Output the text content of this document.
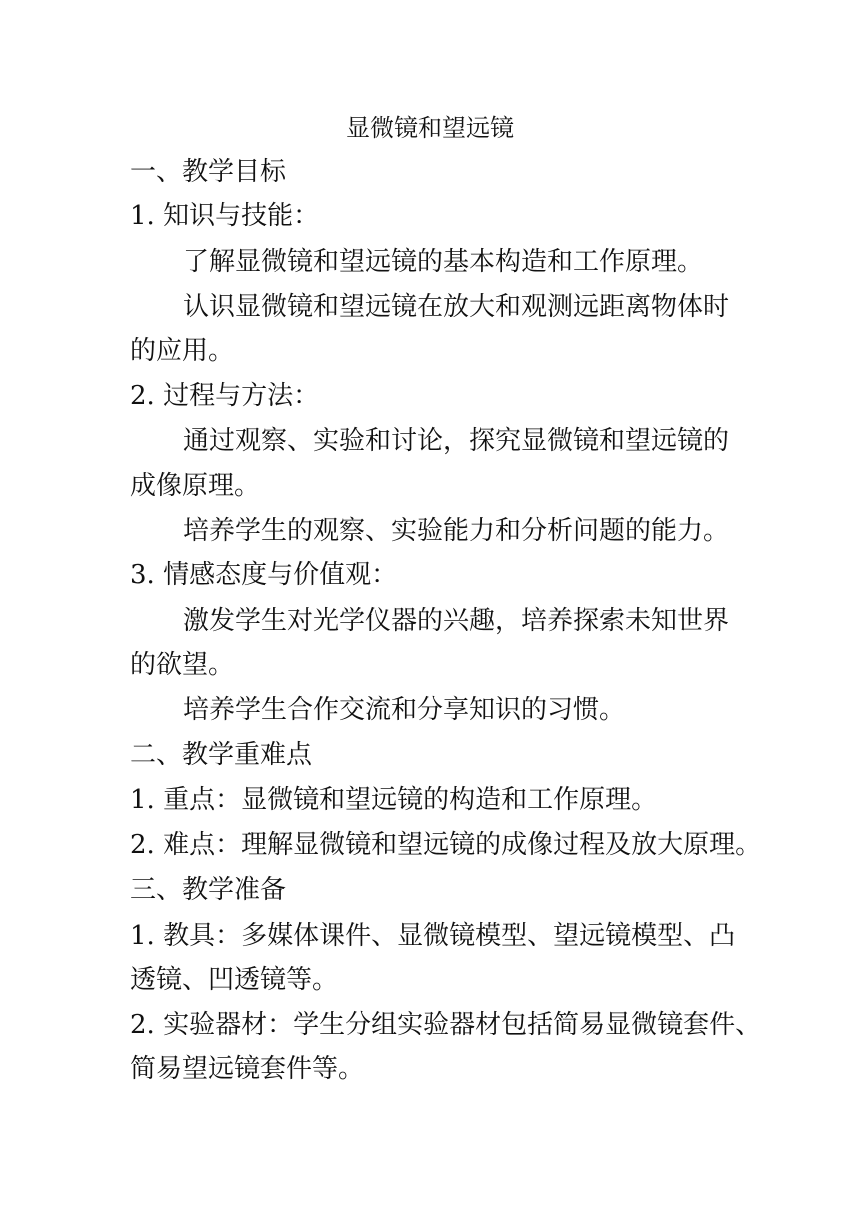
显微镜和望远镜
一、教学目标
1. 知识与技能：
了解显微镜和望远镜的基本构造和工作原理。
认识显微镜和望远镜在放大和观测远距离物体时
的应用。
2. 过程与方法：
通过观察、实验和讨论，探究显微镜和望远镜的
成像原理。
培养学生的观察、实验能力和分析问题的能力。
3. 情感态度与价值观：
激发学生对光学仪器的兴趣，培养探索未知世界
的欲望。
培养学生合作交流和分享知识的习惯。
二、教学重难点
1. 重点：显微镜和望远镜的构造和工作原理。
2. 难点：理解显微镜和望远镜的成像过程及放大原理。
三、教学准备
1. 教具：多媒体课件、显微镜模型、望远镜模型、凸
透镜、凹透镜等。
2. 实验器材：学生分组实验器材包括简易显微镜套件、
简易望远镜套件等。
